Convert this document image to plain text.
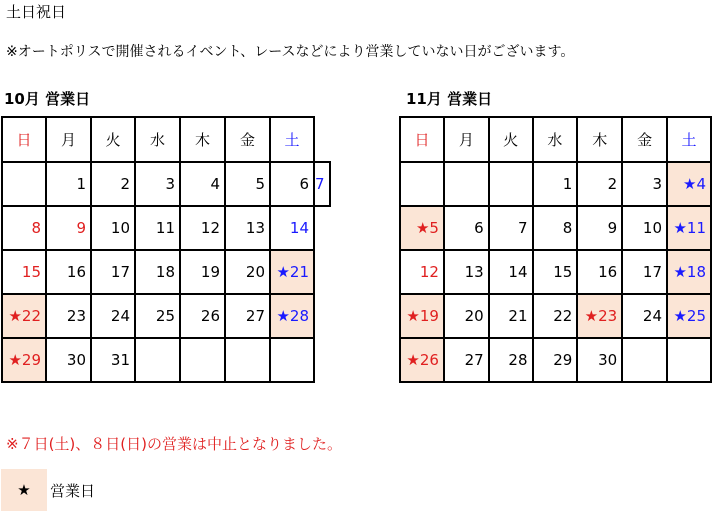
土日祝日
※オートポリスで開催されるイベント、レースなどにより営業していない日がございます。
10月 営業日
日	月	火	水	木	金	土	
	1	2	3	4	5	6	7
8	9	10	11	12	13	14	
15	16	17	18	19	20	★21	
★22	23	24	25	26	27	★28	
★29	30	31					
11月 営業日
日	月	火	水	木	金	土
			1	2	3	★4
★5	6	7	8	9	10	★11
12	13	14	15	16	17	★18
★19	20	21	22	★23	24	★25
★26	27	28	29	30		
※７日(土)、８日(日)の営業は中止となりました。
★ 営業日
